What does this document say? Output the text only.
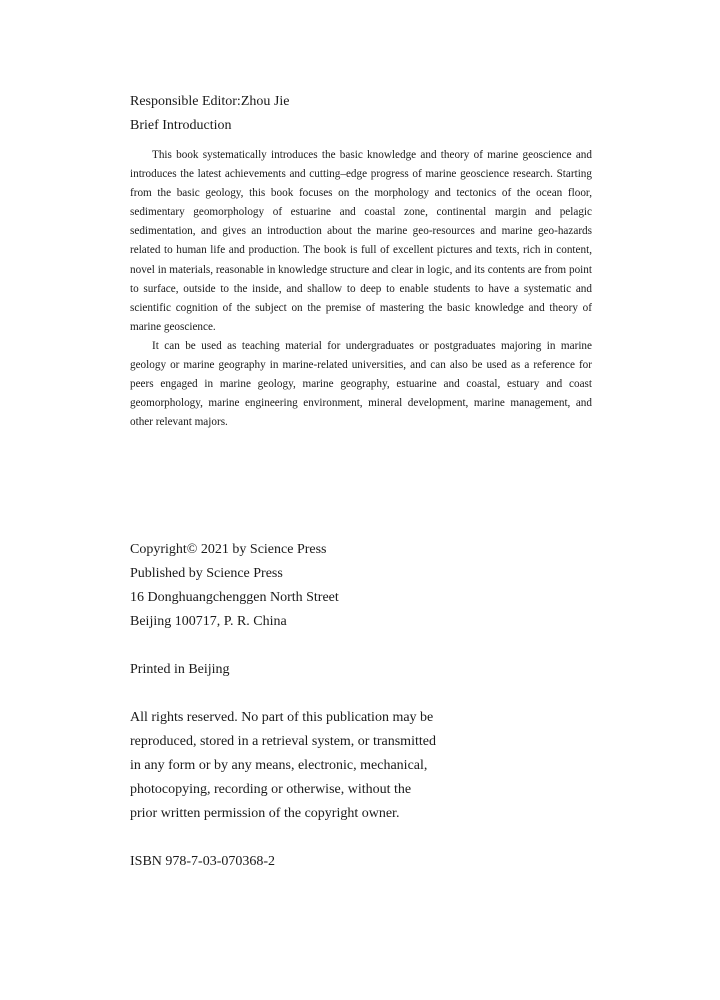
Responsible Editor:Zhou Jie
Brief Introduction

This book systematically introduces the basic knowledge and theory of marine geoscience and introduces the latest achievements and cutting–edge progress of marine geoscience research. Starting from the basic geology, this book focuses on the morphology and tectonics of the ocean floor, sedimentary geomorphology of estuarine and coastal zone, continental margin and pelagic sedimentation, and gives an introduction about the marine geo-resources and marine geo-hazards related to human life and production. The book is full of excellent pictures and texts, rich in content, novel in materials, reasonable in knowledge structure and clear in logic, and its contents are from point to surface, outside to the inside, and shallow to deep to enable students to have a systematic and scientific cognition of the subject on the premise of mastering the basic knowledge and theory of marine geoscience.

It can be used as teaching material for undergraduates or postgraduates majoring in marine geology or marine geography in marine-related universities, and can also be used as a reference for peers engaged in marine geology, marine geography, estuarine and coastal, estuary and coast geomorphology, marine engineering environment, mineral development, marine management, and other relevant majors.

Copyright© 2021 by Science Press
Published by Science Press
16 Donghuangchenggen North Street
Beijing 100717, P. R. China
Printed in Beijing
All rights reserved. No part of this publication may be
reproduced, stored in a retrieval system, or transmitted
in any form or by any means, electronic, mechanical,
photocopying, recording or otherwise, without the
prior written permission of the copyright owner.
ISBN 978-7-03-070368-2
